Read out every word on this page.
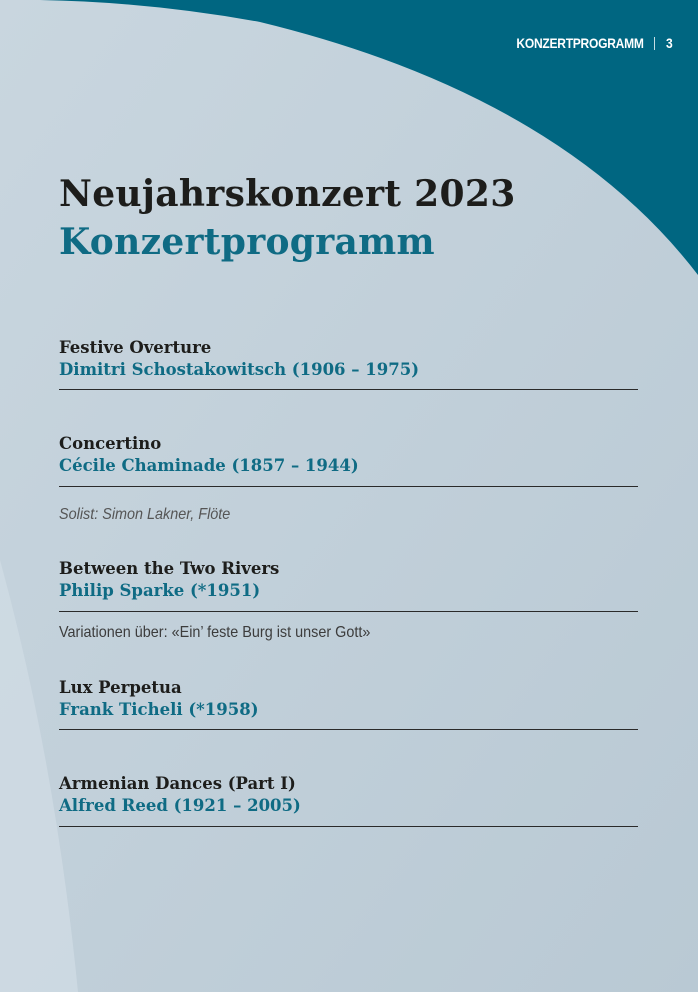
KONZERTPROGRAMM 3
Neujahrskonzert 2023
Konzertprogramm
Festive Overture
Dimitri Schostakowitsch (1906 – 1975)
Concertino
Cécile Chaminade (1857 – 1944)
Solist: Simon Lakner, Flöte
Between the Two Rivers
Philip Sparke (*1951)
Variationen über: «Ein’ feste Burg ist unser Gott»
Lux Perpetua
Frank Ticheli (*1958)
Armenian Dances (Part I)
Alfred Reed (1921 – 2005)
